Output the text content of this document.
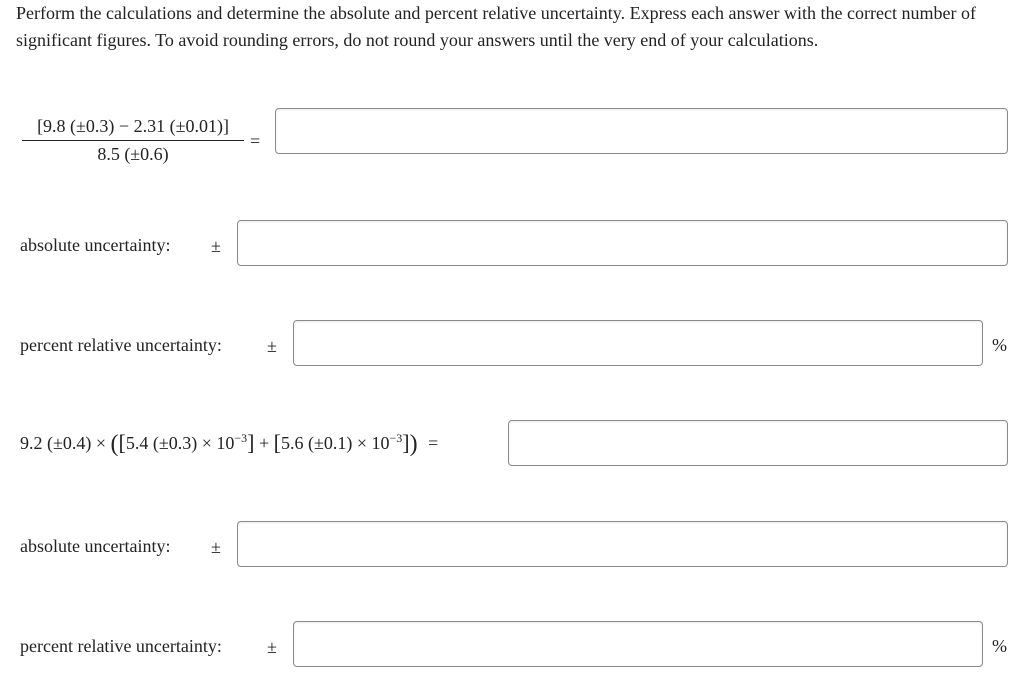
Perform the calculations and determine the absolute and percent relative uncertainty. Express each answer with the correct number of significant figures. To avoid rounding errors, do not round your answers until the very end of your calculations.

$\frac{[9.8 (\pm 0.3) - 2.31 (\pm 0.01)]}{8.5 (\pm 0.6)}$ =
absolute uncertainty: ±
percent relative uncertainty:	±	%
9.2 (±0.4) × ([5.4 $(\pm 0.3) \times 10^{-3}] + [5.6$ $(\pm 0.1) \times 10^{-3}$]) =
absolute uncertainty: ±
percent relative uncertainty:	±	%
